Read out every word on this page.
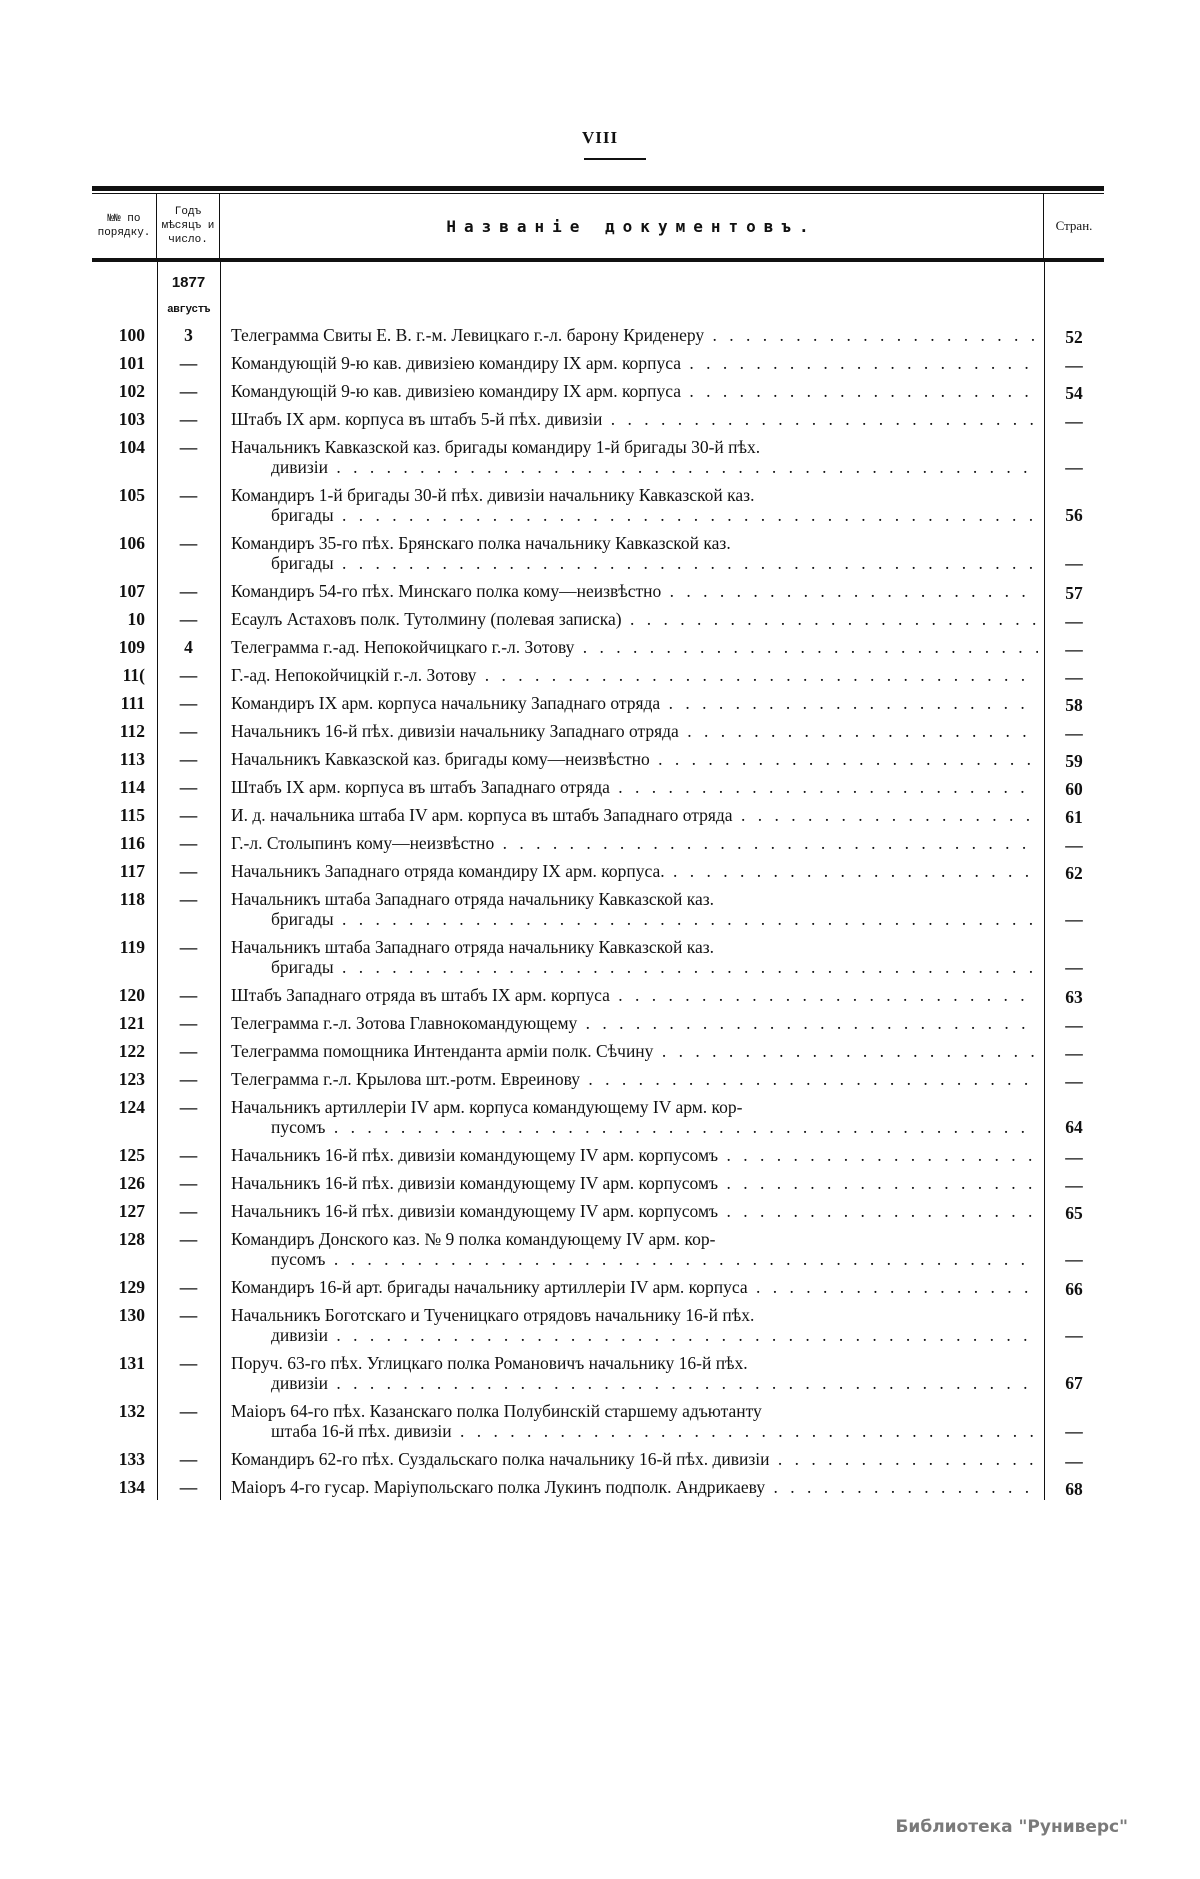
VIII
№№ по порядку.
Годъ мѣсяцъ и число.
Названіе документовъ.	Стран.
1877
августъ
100	3	Телеграмма Свиты Е. В. г.-м. Левицкаго г.-л. барону Криденеру . . .	52
101	—	Командующій 9-ю кав. дивизіею командиру IX арм. корпуса . . .	—
102	—	Командующій 9-ю кав. дивизіею командиру IX арм. корпуса . . .	54
103	—	Штабъ IX арм. корпуса въ штабъ 5-й пѣх. дивизіи . . .	—
104	—	Начальникъ Кавказской каз. бригады командиру 1-й бригады 30-й пѣх.
дивизіи . . .	—
105	—	Командиръ 1-й бригады 30-й пѣх. дивизіи начальнику Кавказской каз.
бригады . . .	56
106	—	Командиръ 35-го пѣх. Брянскаго полка начальнику Кавказской каз.
бригады . . .	—
107	—	Командиръ 54-го пѣх. Минскаго полка кому—неизвѣстно . . .	57
10	—	Есаулъ Астаховъ полк. Тутолмину (полевая записка) . . .	—
109	4	Телеграмма г.-ад. Непокойчицкаго г.-л. Зотову . . .	—
11(	—	Г.-ад. Непокойчицкій г.-л. Зотову . . .	—
111	—	Командиръ IX арм. корпуса начальнику Западнаго отряда . . .	58
112	—	Начальникъ 16-й пѣх. дивизіи начальнику Западнаго отряда . . .	—
113	—	Начальникъ Кавказской каз. бригады кому—неизвѣстно . . .	59
114	—	Штабъ IX арм. корпуса въ штабъ Западнаго отряда . . .	60
115	—	И. д. начальника штаба IV арм. корпуса въ штабъ Западнаго отряда . . .	61
116	—	Г.-л. Столыпинъ кому—неизвѣстно . . .	—
117	—	Начальникъ Западнаго отряда командиру IX арм. корпуса. . . .	62
118	—	Начальникъ штаба Западнаго отряда начальнику Кавказской каз.
бригады . . .	—
119	—	Начальникъ штаба Западнаго отряда начальнику Кавказской каз.
бригады . . .	—
120	—	Штабъ Западнаго отряда въ штабъ IX арм. корпуса . . .	63
121	—	Телеграмма г.-л. Зотова Главнокомандующему . . .	—
122	—	Телеграмма помощника Интенданта арміи полк. Сѣчину . . .	—
123	—	Телеграмма г.-л. Крылова шт.-ротм. Евреинову . . .	—
124	—	Начальникъ артиллеріи IV арм. корпуса командующему IV арм. кор-
пусомъ . . .	64
125	—	Начальникъ 16-й пѣх. дивизіи командующему IV арм. корпусомъ . . .	—
126	—	Начальникъ 16-й пѣх. дивизіи командующему IV арм. корпусомъ . . .	—
127	—	Начальникъ 16-й пѣх. дивизіи командующему IV арм. корпусомъ . . .	65
128	—	Командиръ Донского каз. № 9 полка командующему IV арм. кор-
пусомъ . . .	—
129	—	Командиръ 16-й арт. бригады начальнику артиллеріи IV арм. корпуса . . .	66
130	—	Начальникъ Боготскаго и Тученицкаго отрядовъ начальнику 16-й пѣх.
дивизіи . . .	—
131	—	Поруч. 63-го пѣх. Углицкаго полка Романовичъ начальнику 16-й пѣх.
дивизіи . . .	67
132	—	Маіоръ 64-го пѣх. Казанскаго полка Полубинскій старшему адъютанту
штаба 16-й пѣх. дивизіи . . .	—
133	—	Командиръ 62-го пѣх. Суздальскаго полка начальнику 16-й пѣх. дивизіи . . .	—
134	—	Маіоръ 4-го гусар. Маріупольскаго полка Лукинъ подполк. Андрикаеву . . .	68
Библиотека "Руниверс"
